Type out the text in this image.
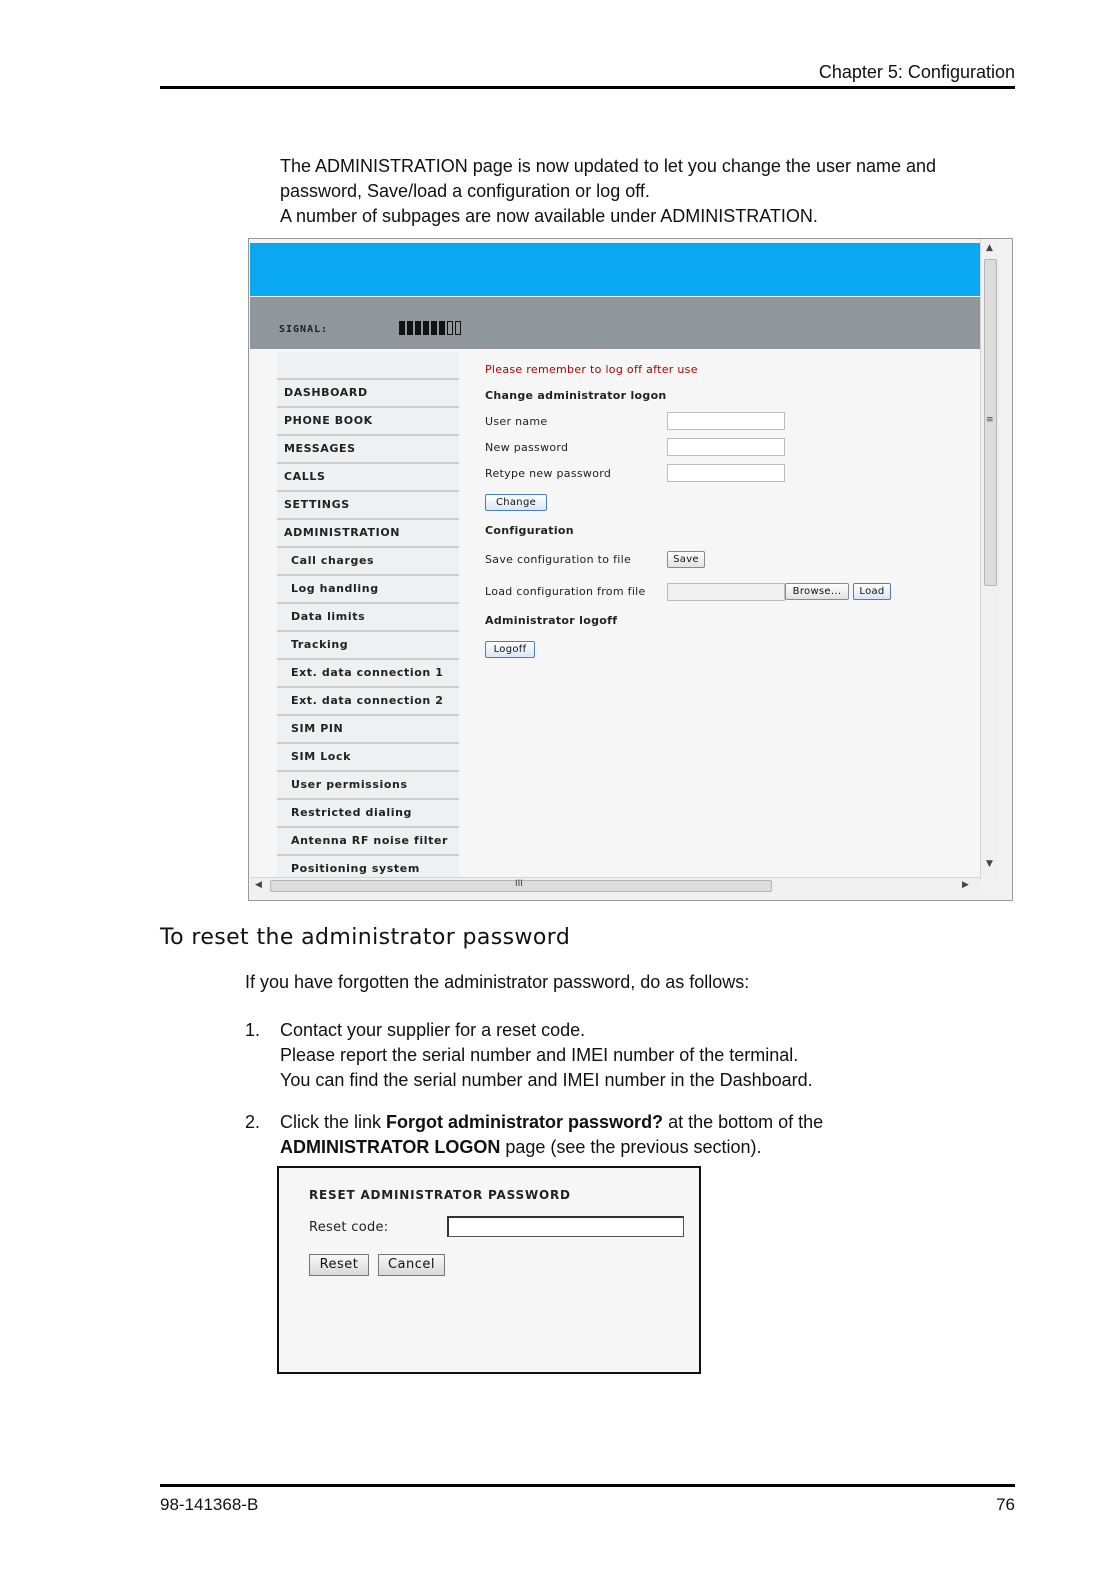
Chapter 5: Configuration
The ADMINISTRATION page is now updated to let you change the user name and
password, Save/load a configuration or log off.
A number of subpages are now available under ADMINISTRATION.
SIGNAL:
DASHBOARD
PHONE BOOK
MESSAGES
CALLS
SETTINGS
ADMINISTRATION
Call charges
Log handling
Data limits
Tracking
Ext. data connection 1
Ext. data connection 2
SIM PIN
SIM Lock
User permissions
Restricted dialing
Antenna RF noise filter
Positioning system
Please remember to log off after use
Change administrator logon
User name
New password
Retype new password
Change
Configuration
Save configuration to file	Save
Load configuration from file	Browse...	Load
Administrator logoff
Logoff
▲
≡
▼
◀	III	▶
To reset the administrator password
If you have forgotten the administrator password, do as follows:
1. Contact your supplier for a reset code.
Please report the serial number and IMEI number of the terminal.
You can find the serial number and IMEI number in the Dashboard.
2. Click the link Forgot administrator password? at the bottom of the
ADMINISTRATOR LOGON page (see the previous section).
RESET ADMINISTRATOR PASSWORD
Reset code:
Reset	Cancel
98-141368-B	76
